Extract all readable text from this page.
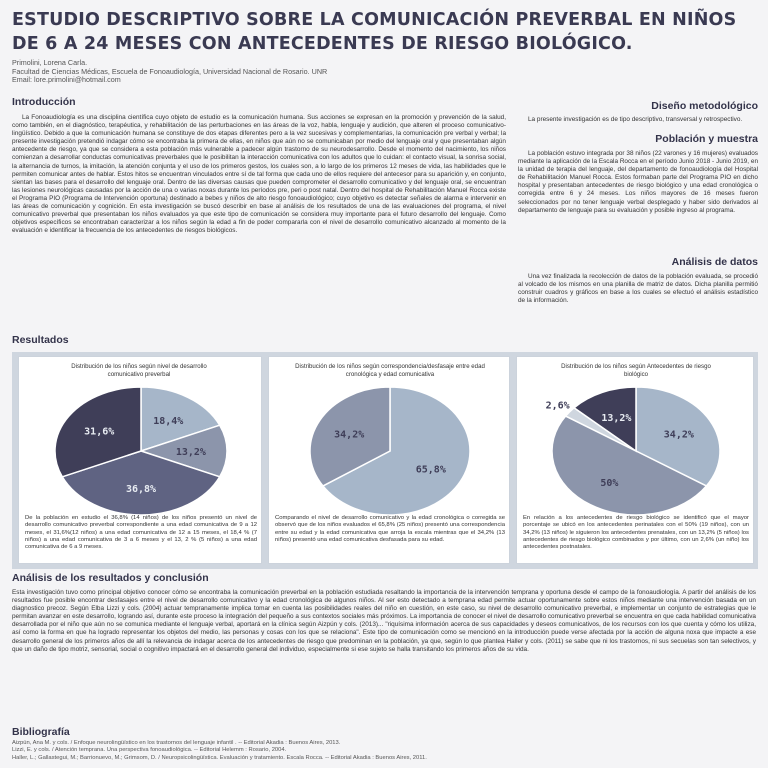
ESTUDIO DESCRIPTIVO SOBRE LA COMUNICACIÓN PREVERBAL EN NIÑOS DE 6 A 24 MESES CON ANTECEDENTES DE RIESGO BIOLÓGICO.
Primolini, Lorena Carla.
Facultad de Ciencias Médicas, Escuela de Fonoaudiología, Universidad Nacional de Rosario. UNR
Email: lore.primolini@hotmail.com
Introducción
La Fonoaudiología es una disciplina científica cuyo objeto de estudio es la comunicación humana. Sus acciones se expresan en la promoción y prevención de la salud, como también, en el diagnóstico, terapéutica, y rehabilitación de las perturbaciones en las áreas de la voz, habla, lenguaje y audición, que alteren el proceso comunicativo-lingüístico. Debido a que la comunicación humana se constituye de dos etapas diferentes pero a la vez sucesivas y complementarias, la comunicación pre verbal y verbal; la presente investigación pretendió indagar cómo se encontraba la primera de ellas, en niños que aún no se comunicaban por medio del lenguaje oral y que presentaban algún antecedente de riesgo, ya que se considera a esta población más vulnerable a padecer algún trastorno de su neurodesarrollo. Desde el momento del nacimiento, los niños comienzan a desarrollar conductas comunicativas preverbales que le posibilitan la interacción comunicativa con los adultos que lo cuidan: el contacto visual, la sonrisa social, la alternancia de turnos, la imitación, la atención conjunta y el uso de los primeros gestos, los cuales son, a lo largo de los primeros 12 meses de vida, las habilidades que le permiten comunicar antes de hablar. Estos hitos se encuentran vinculados entre sí de tal forma que cada uno de ellos requiere del antecesor para su aparición y, en conjunto, sientan las bases para el desarrollo del lenguaje oral. Dentro de las diversas causas que pueden comprometer el desarrollo comunicativo y del lenguaje oral, se encuentran las lesiones neurológicas causadas por la acción de una o varias noxas durante los períodos pre, peri o post natal. Dentro del hospital de Rehabilitación Manuel Rocca existe el Programa PIO (Programa de Intervención oportuna) destinado a bebes y niños de alto riesgo fonoaudiológico; cuyo objetivo es detectar señales de alarma e intervenir en las áreas de comunicación y cognición. En esta investigación se buscó describir en base al análisis de los resultados de una de las evaluaciones del programa, el nivel comunicativo preverbal que presentaban los niños evaluados ya que este tipo de comunicación se considera muy importante para el futuro desarrollo del lenguaje. Como objetivos específicos se encontraban caracterizar a los niños según la edad a fin de poder compararla con el nivel de desarrollo comunicativo alcanzado al momento de la evaluación e identificar la frecuencia de los antecedentes de riesgos biológicos.
Diseño metodológico
La presente investigación es de tipo descriptivo, transversal y retrospectivo.
Población y muestra
La población estuvo integrada por 38 niños (22 varones y 16 mujeres) evaluados mediante la aplicación de la Escala Rocca en el período Junio 2018 - Junio 2019, en la unidad de terapia del lenguaje, del departamento de fonoaudiología del Hospital de Rehabilitación Manuel Rocca. Estos formaban parte del Programa PIO en dicho hospital y presentaban antecedentes de riesgo biológico y una edad cronológica o corregida entre 6 y 24 meses. Los niños mayores de 16 meses fueron seleccionados por no tener lenguaje verbal desplegado y haber sido derivados al departamento de lenguaje para su evaluación y posible ingreso al programa.
Análisis de datos
Una vez finalizada la recolección de datos de la población evaluada, se procedió al volcado de los mismos en una planilla de matriz de datos. Dicha planilla permitió construir cuadros y gráficos en base a los cuales se efectuó el análisis estadístico de la información.
Resultados
Distribución de los niños según nivel de desarrollo comunicativo preverbal
18,4%
13,2%
36,8%
31,6%
De la población en estudio el 36,8% (14 niños) de los niños presentó un nivel de desarrollo comunicativo preverbal correspondiente a una edad comunicativa de 9 a 12 meses, el 31,6%(12 niños) a una edad comunicativa de 12 a 15 meses, el 18,4 % (7 niños) a una edad comunicativa de 3 a 6 meses y el 13, 2 % (5 niños) a una edad comunicativa de 6 a 9 meses.
Distribución de los niños según correspondencia/desfasaje entre edad cronológica y edad comunicativa
65,8%
34,2%
Comparando el nivel de desarrollo comunicativo y la edad cronológica o corregida se observó que de los niños evaluados el 65,8% (25 niños) presentó una correspondencia entre su edad y la edad comunicativa que arroja la escala mientras que el 34,2% (13 niños) presentó una edad comunicativa desfasada para su edad.
Distribución de los niños según Antecedentes de riesgo biológico
34,2%
50%
2,6%
13,2%
En relación a los antecedentes de riesgo biológico se identificó que el mayor porcentaje se ubicó en los antecedentes perinatales con el 50% (19 niños), con un 34,2% (13 niños) le siguieron los antecedentes prenatales, con un 13,2% (5 niños) los antecedentes de riesgo biológico combinados y por último, con un 2,6% (un niño) los antecedentes postnatales.
Análisis de los resultados y conclusión
Esta investigación tuvo como principal objetivo conocer cómo se encontraba la comunicación preverbal en la población estudiada resaltando la importancia de la intervención temprana y oportuna desde el campo de la fonoaudiología. A partir del análisis de los resultados fue posible encontrar desfasajes entre el nivel de desarrollo comunicativo y la edad cronológica de algunos niños. Al ser esto detectado a temprana edad permite actuar oportunamente sobre estos niños mediante una intervención basada en un diagnostico precoz. Según Elba Lizzi y cols. (2004) actuar tempranamente implica tomar en cuenta las posibilidades reales del niño en cuestión, en este caso, su nivel de desarrollo comunicativo preverbal, e implementar un conjunto de estrategias que le permitan avanzar en este desarrollo, logrando así, durante este proceso la integración del pequeño a sus contextos sociales más próximos. La importancia de conocer el nivel de desarrollo comunicativo preverbal se encuentra en que cada habilidad comunicativa desarrollada por el niño que aún no se comunica mediante el lenguaje verbal, aportará en la clínica según Aizpún y cols. (2013)... "riquísima información acerca de sus capacidades y deseos comunicativos, de los recursos con los que cuenta y cómo los utiliza, así como la forma en que ha logrado representar los objetos del medio, las personas y cosas con los que se relaciona". Este tipo de comunicación como se mencionó en la introducción puede verse afectada por la acción de alguna noxa que impacte a ese desarrollo general de los primeros años de allí la relevancia de indagar acerca de los antecedentes de riesgo que predominan en la población, ya que, según lo que plantea Haller y cols. (2011) se sabe que ni los trastornos, ni sus secuelas son tan selectivos, y que un daño de tipo motriz, sensorial, social o cognitivo impactará en el desarrollo general del individuo, especialmente si ese sujeto se halla transitando los primeros años de su vida.
Bibliografía
Aizpún, Ana M. y cols. / Enfoque neurolingüístico en los trastornos del lenguaje infantil . -- Editorial Akadia : Buenos Aires, 2013.
Lizzi, E. y cols. / Atención temprana. Una perspectiva fonoaudiológica. -- Editorial Helemm : Rosario, 2004.
Haller, L.; Gallastegui, M.; Barrionuevo, M.; Grimsom, D. / Neuropsicolingüística. Evaluación y tratamiento. Escala Rocca. -- Editorial Akadia : Buenos Aires, 2011.
